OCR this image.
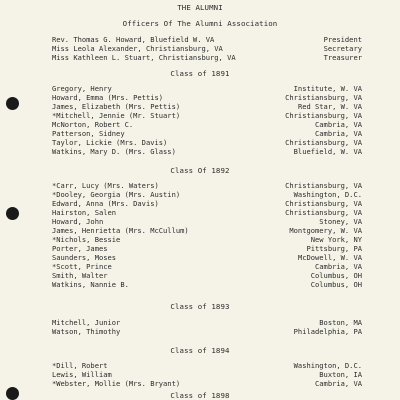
THE ALUMNI
Officers Of The Alumni Association
Rev. Thomas G. Howard, Bluefield W. VA	President
Miss Leola Alexander, Christiansburg, VA	Secretary
Miss Kathleen L. Stuart, Christiansburg, VA	Treasurer
Class of 1891
Gregory, Henry	Institute, W. VA
Howard, Emma (Mrs. Pettis)	Christiansburg, VA
James, Elizabeth (Mrs. Pettis)	Red Star, W. VA
*Mitchell, Jennie (Mr. Stuart)	Christiansburg, VA
McNorton, Robert C.	Cambria, VA
Patterson, Sidney	Cambria, VA
Taylor, Lickie (Mrs. Davis)	Christiansburg, VA
Watkins, Mary D. (Mrs. Glass)	Bluefield, W. VA
Class Of 1892
*Carr, Lucy (Mrs. Waters)	Christiansburg, VA
*Dooley, Georgia (Mrs. Austin)	Washington, D.C.
Edward, Anna (Mrs. Davis)	Christiansburg, VA
Hairston, Salen	Christiansburg, VA
Howard, John	Stoney, VA
James, Henrietta (Mrs. McCullum)	Montgomery, W. VA
*Nichols, Bessie	New York, NY
Porter, James	Pittsburg, PA
Saunders, Moses	McDowell, W. VA
*Scott, Prince	Cambria, VA
Smith, Walter	Columbus, OH
Watkins, Nannie B.	Columbus, OH
Class of 1893
Mitchell, Junior	Boston, MA
Watson, Thimothy	Philadelphia, PA
Class of 1894
*Dill, Robert	Washington, D.C.
Lewis, William	Buxton, IA
*Webster, Mollie (Mrs. Bryant)	Cambria, VA
Class of 1898
